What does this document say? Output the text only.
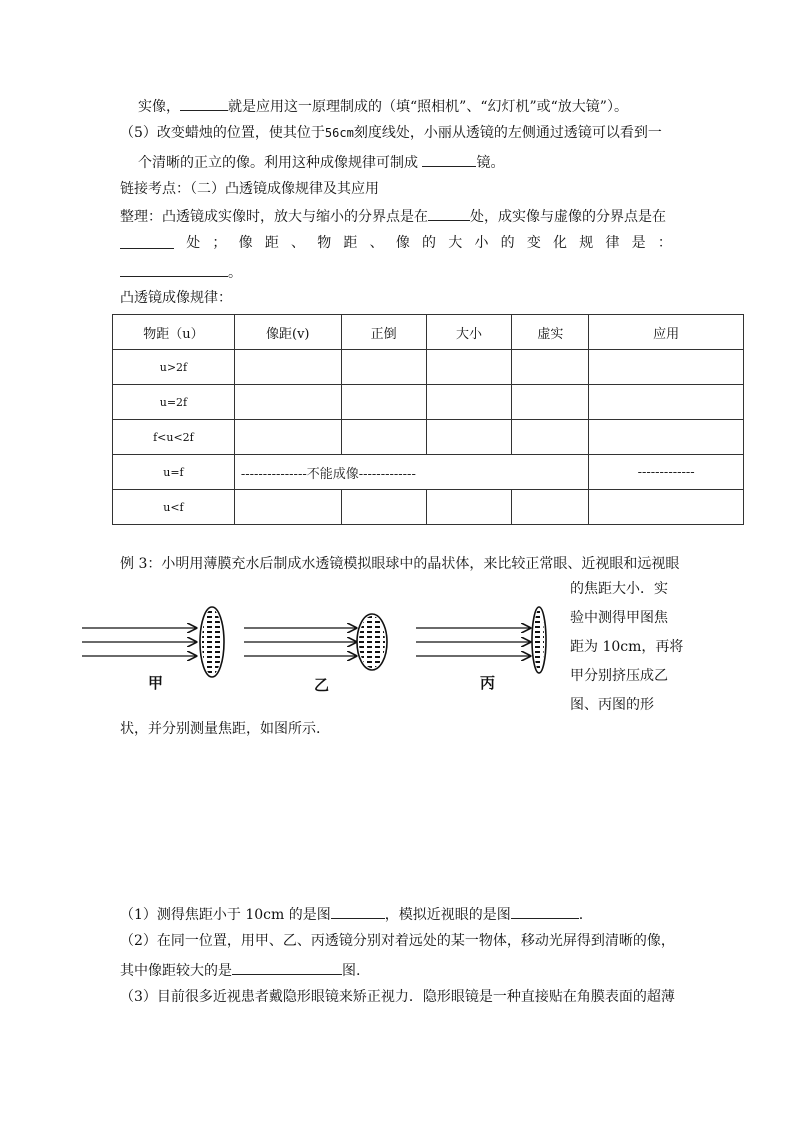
实像，	就是应用这一原理制成的（填“照相机”、“幻灯机”或“放大镜”）。
（5）改变蜡烛的位置，使其位于56cm刻度线处，小丽从透镜的左侧通过透镜可以看到一
个清晰的正立的像。利用这种成像规律可制成	镜。
链接考点：（二）凸透镜成像规律及其应用
整理：凸透镜成实像时，放大与缩小的分界点是在	处，成实像与虚像的分界点是在
处 ； 像 距 、 物 距 、 像 的 大 小 的 变 化 规 律 是 ：
。
凸透镜成像规律：
物距（u）	像距(v)	正倒	大小	虚实	应用
u>2f					
u=2f					
f<u<2f					
u=f	---------------不能成像-------------				-------------
u<f					
例 3：小明用薄膜充水后制成水透镜模拟眼球中的晶状体，来比较正常眼、近视眼和远视眼
的焦距大小．实
验中测得甲图焦
距为 10cm，再将
甲分别挤压成乙
图、丙图的形
甲	乙	丙
状，并分别测量焦距，如图所示.
（1）测得焦距小于 10cm 的是图	，模拟近视眼的是图	.
（2）在同一位置，用甲、乙、丙透镜分别对着远处的某一物体，移动光屏得到清晰的像，
其中像距较大的是	图.
（3）目前很多近视患者戴隐形眼镜来矫正视力．隐形眼镜是一种直接贴在角膜表面的超薄
